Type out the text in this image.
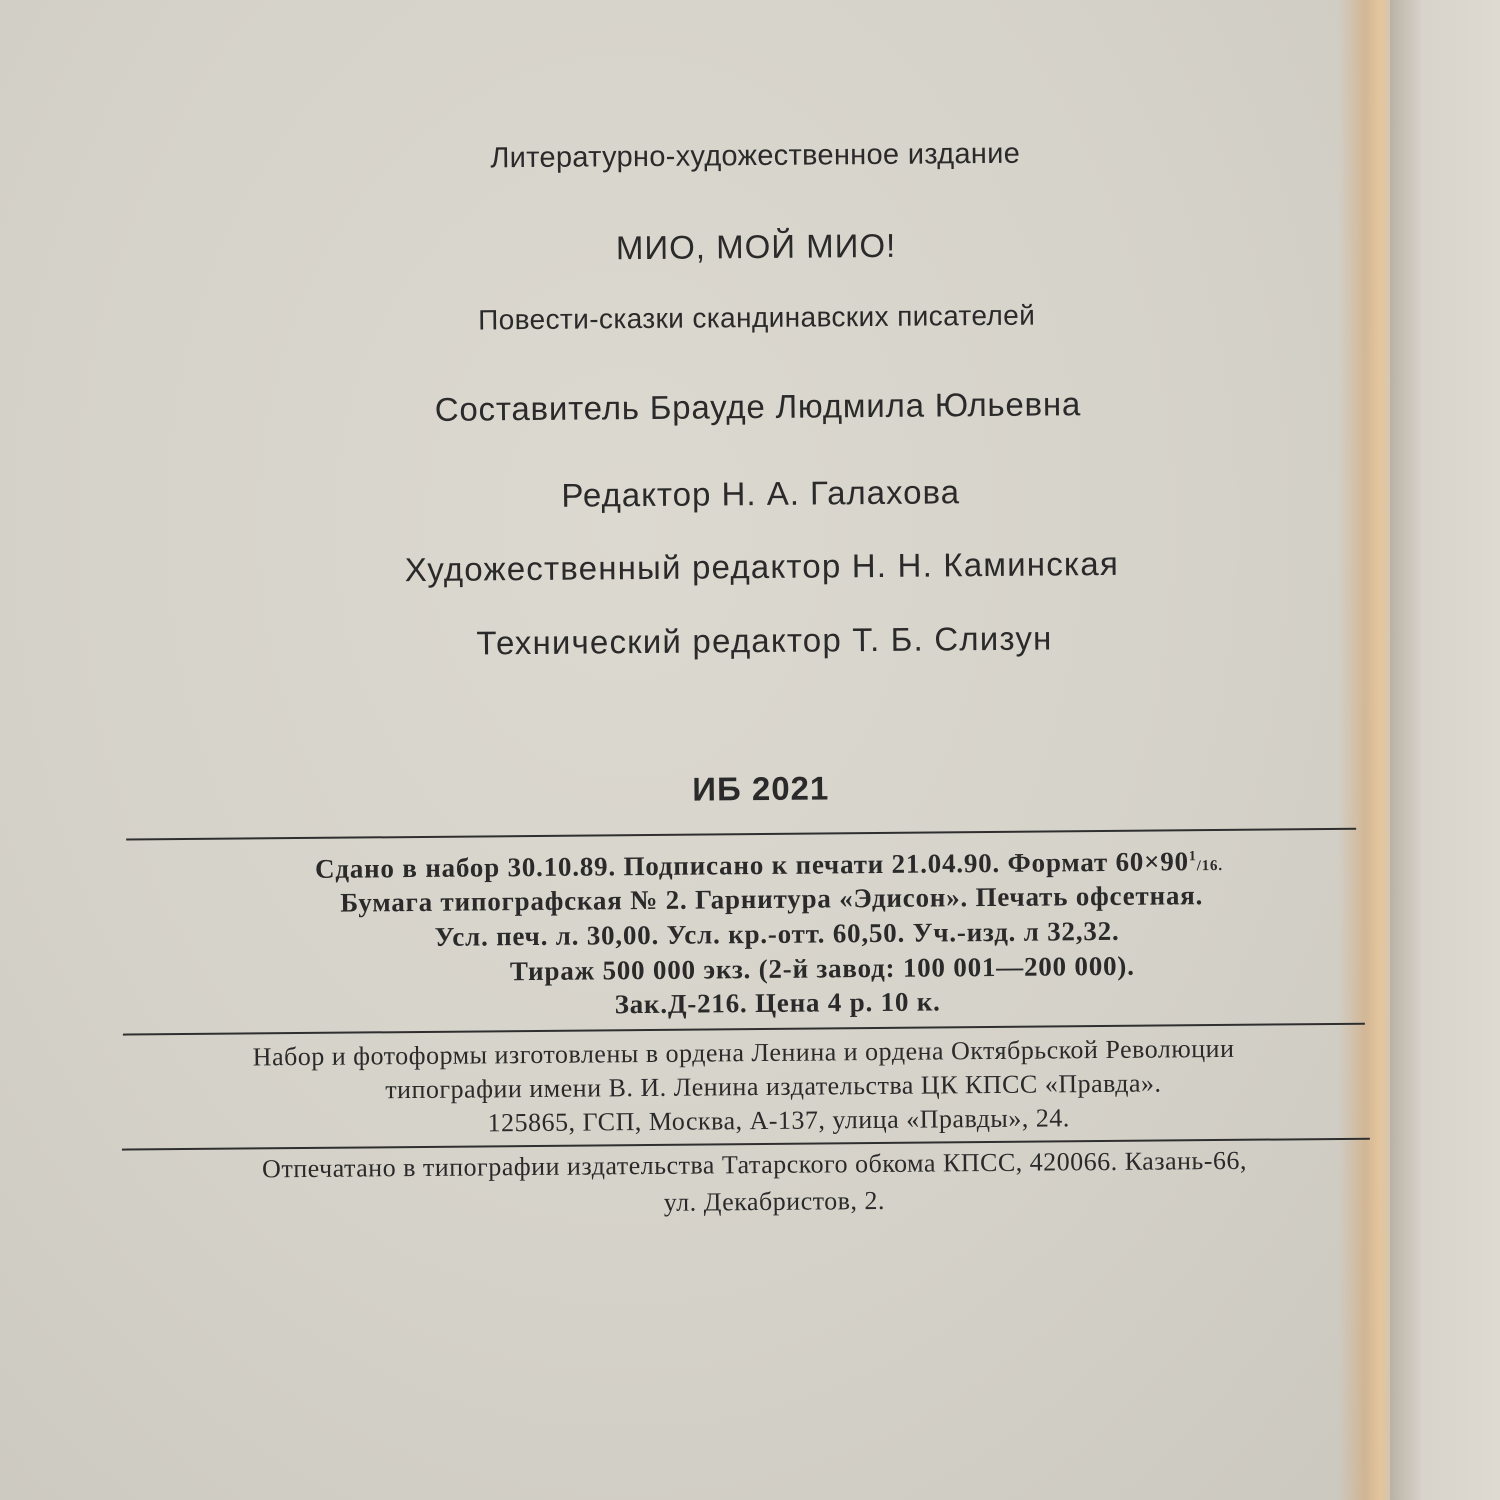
Литературно-художественное издание
МИО, МОЙ МИО!
Повести-сказки скандинавских писателей
Составитель Брауде Людмила Юльевна
Редактор Н. А. Галахова
Художественный редактор Н. Н. Каминская
Технический редактор Т. Б. Слизун
ИБ 2021
Сдано в набор 30.10.89. Подписано к печати 21.04.90. Формат $60\times 90^1/16$.
Бумага типографская № 2. Гарнитура «Эдисон». Печать офсетная.
Усл. печ. л. 30,00. Усл. кр.-отт. 60,50. Уч.-изд. л 32,32.
Тираж 500 000 экз. (2-й завод: 100 001—200 000).
Зак.Д-216. Цена 4 р. 10 к.
Набор и фотоформы изготовлены в ордена Ленина и ордена Октябрьской Революции
типографии имени В. И. Ленина издательства ЦК КПСС «Правда».
125865, ГСП, Москва, А-137, улица «Правды», 24.
Отпечатано в типографии издательства Татарского обкома КПСС, 420066. Казань-66,
ул. Декабристов, 2.
